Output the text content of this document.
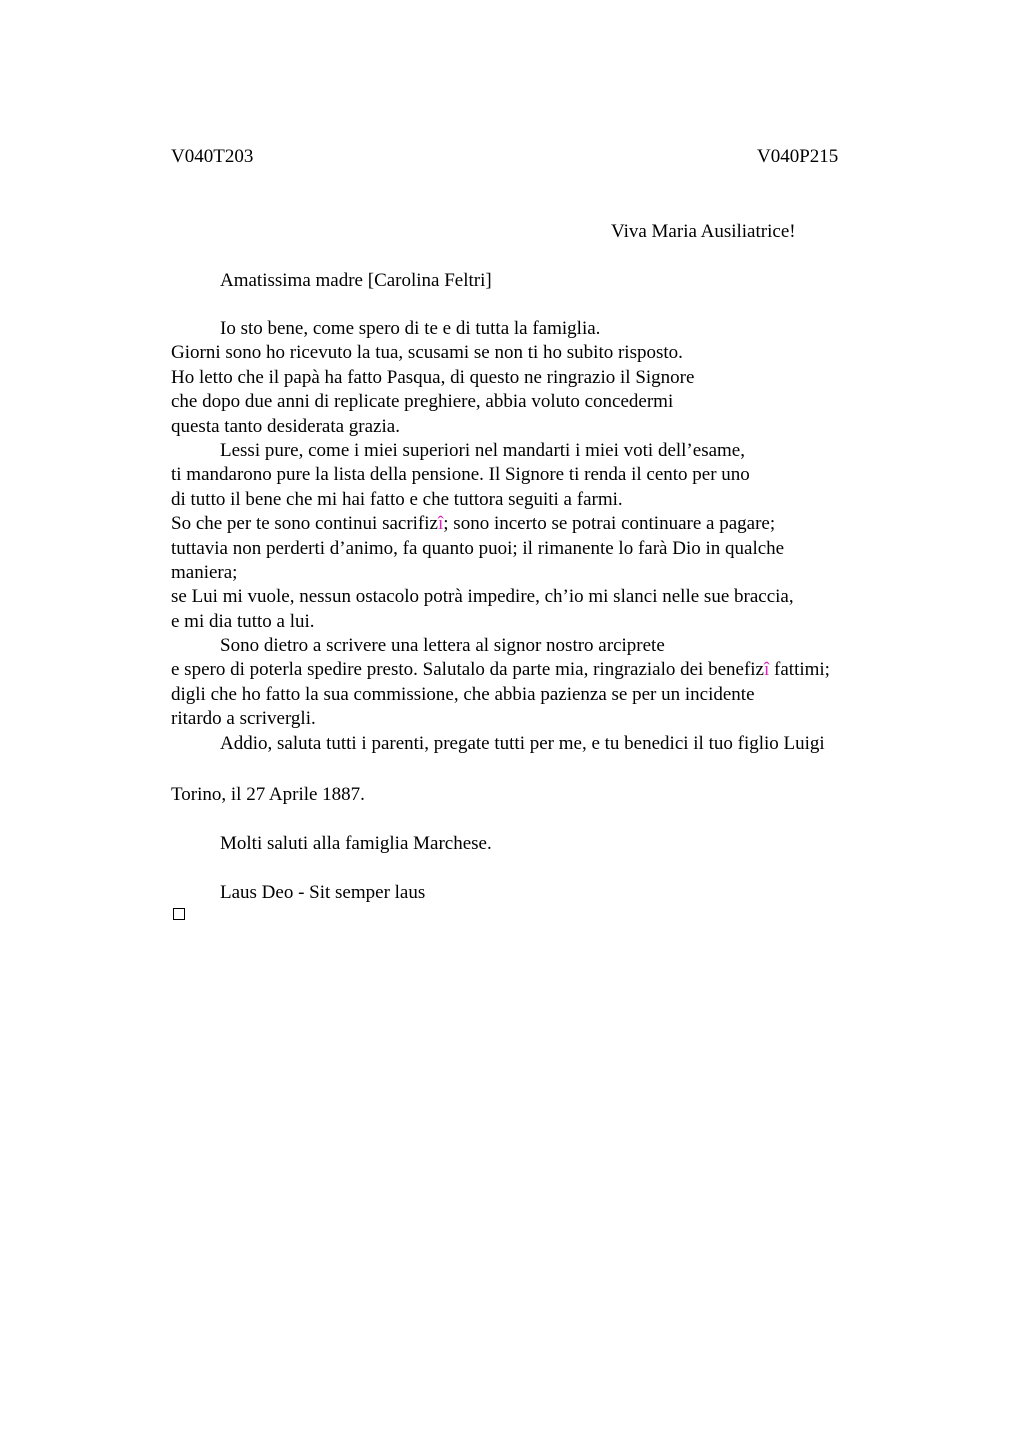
V040T203	V040P215
Viva Maria Ausiliatrice!
Amatissima madre [Carolina Feltri]
Io sto bene, come spero di te e di tutta la famiglia.
Giorni sono ho ricevuto la tua, scusami se non ti ho subito risposto.
Ho letto che il papà ha fatto Pasqua, di questo ne ringrazio il Signore
che dopo due anni di replicate preghiere, abbia voluto concedermi
questa tanto desiderata grazia.
Lessi pure, come i miei superiori nel mandarti i miei voti dell’esame,
ti mandarono pure la lista della pensione. Il Signore ti renda il cento per uno
di tutto il bene che mi hai fatto e che tuttora seguiti a farmi.
So che per te sono continui sacrifizî; sono incerto se potrai continuare a pagare;
tuttavia non perderti d’animo, fa quanto puoi; il rimanente lo farà Dio in qualche
maniera;
se Lui mi vuole, nessun ostacolo potrà impedire, ch’io mi slanci nelle sue braccia,
e mi dia tutto a lui.
Sono dietro a scrivere una lettera al signor nostro arciprete
e spero di poterla spedire presto. Salutalo da parte mia, ringrazialo dei benefizî fattimi;
digli che ho fatto la sua commissione, che abbia pazienza se per un incidente
ritardo a scrivergli.
Addio, saluta tutti i parenti, pregate tutti per me, e tu benedici il tuo figlio Luigi
Torino, il 27 Aprile 1887.
Molti saluti alla famiglia Marchese.
Laus Deo - Sit semper laus
